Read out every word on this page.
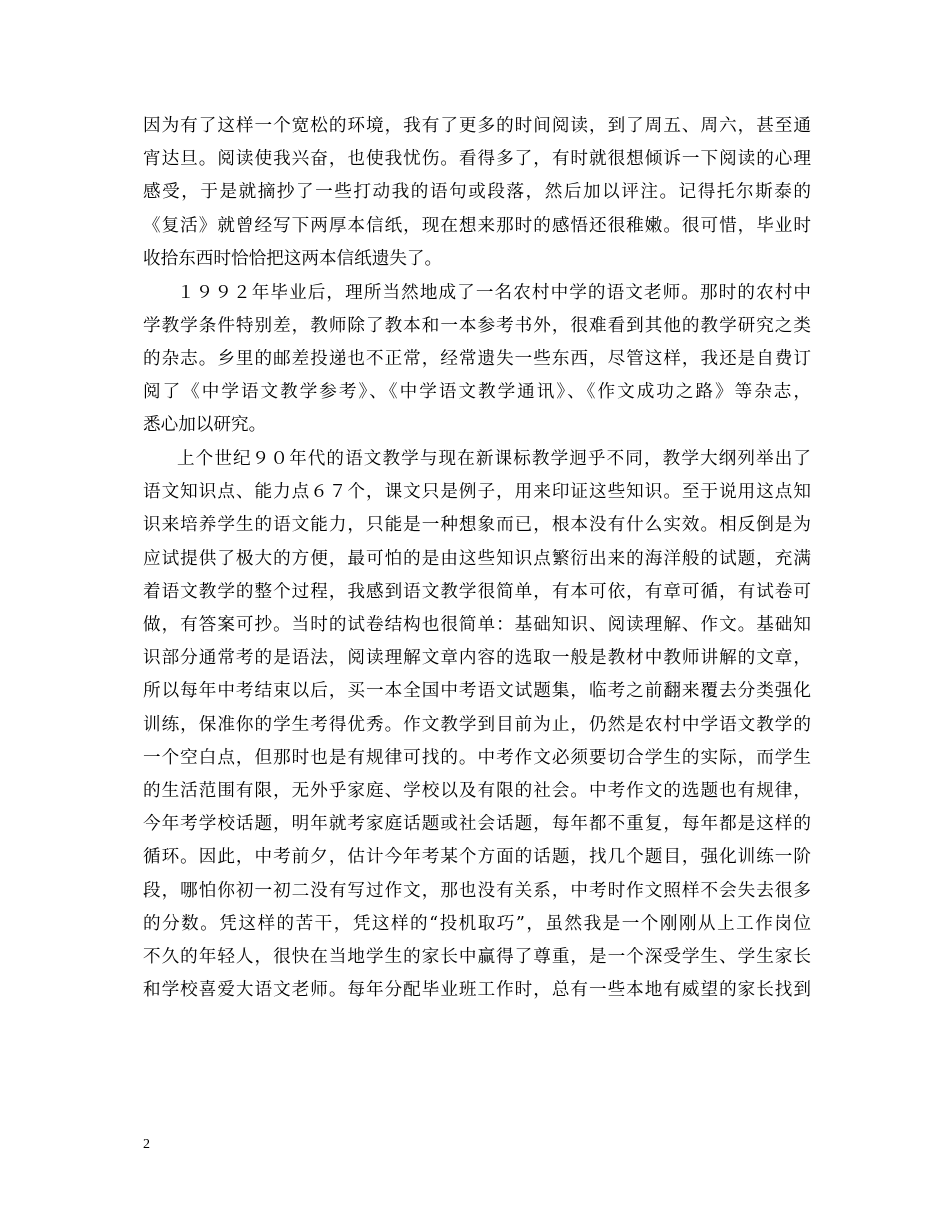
因为有了这样一个宽松的环境，我有了更多的时间阅读，到了周五、周六，甚至通
宵达旦。阅读使我兴奋，也使我忧伤。看得多了，有时就很想倾诉一下阅读的心理
感受，于是就摘抄了一些打动我的语句或段落，然后加以评注。记得托尔斯泰的
《复活》就曾经写下两厚本信纸，现在想来那时的感悟还很稚嫩。很可惜，毕业时
收拾东西时恰恰把这两本信纸遗失了。
１９９２年毕业后，理所当然地成了一名农村中学的语文老师。那时的农村中
学教学条件特别差，教师除了教本和一本参考书外，很难看到其他的教学研究之类
的杂志。乡里的邮差投递也不正常，经常遗失一些东西，尽管这样，我还是自费订
阅了《中学语文教学参考》、《中学语文教学通讯》、《作文成功之路》等杂志，
悉心加以研究。
上个世纪９０年代的语文教学与现在新课标教学迥乎不同，教学大纲列举出了
语文知识点、能力点６７个，课文只是例子，用来印证这些知识。至于说用这点知
识来培养学生的语文能力，只能是一种想象而已，根本没有什么实效。相反倒是为
应试提供了极大的方便，最可怕的是由这些知识点繁衍出来的海洋般的试题，充满
着语文教学的整个过程，我感到语文教学很简单，有本可依，有章可循，有试卷可
做，有答案可抄。当时的试卷结构也很简单：基础知识、阅读理解、作文。基础知
识部分通常考的是语法，阅读理解文章内容的选取一般是教材中教师讲解的文章，
所以每年中考结束以后，买一本全国中考语文试题集，临考之前翻来覆去分类强化
训练，保准你的学生考得优秀。作文教学到目前为止，仍然是农村中学语文教学的
一个空白点，但那时也是有规律可找的。中考作文必须要切合学生的实际，而学生
的生活范围有限，无外乎家庭、学校以及有限的社会。中考作文的选题也有规律，
今年考学校话题，明年就考家庭话题或社会话题，每年都不重复，每年都是这样的
循环。因此，中考前夕，估计今年考某个方面的话题，找几个题目，强化训练一阶
段，哪怕你初一初二没有写过作文，那也没有关系，中考时作文照样不会失去很多
的分数。凭这样的苦干，凭这样的“投机取巧”，虽然我是一个刚刚从上工作岗位
不久的年轻人，很快在当地学生的家长中赢得了尊重，是一个深受学生、学生家长
和学校喜爱大语文老师。每年分配毕业班工作时，总有一些本地有威望的家长找到
2
